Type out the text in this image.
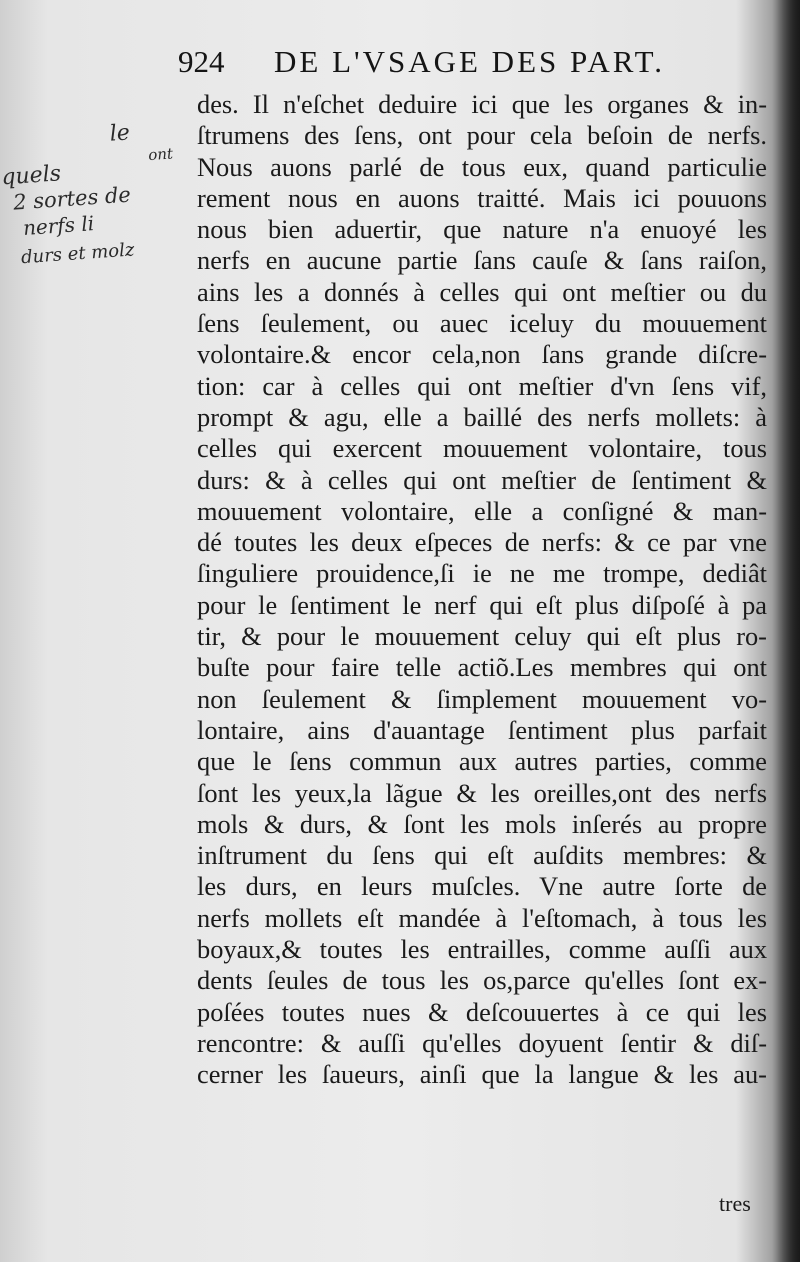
924 DE L'VSAGE DES PART.
le
quels
ont
2 sortes de
nerfs li
durs et molz
des. Il n'eſchet deduire ici que les organes & in-
ſtrumens des ſens, ont pour cela beſoin de nerfs.
Nous auons parlé de tous eux, quand particulie
rement nous en auons traitté. Mais ici pouuons
nous bien aduertir, que nature n'a enuoyé les
nerfs en aucune partie ſans cauſe & ſans raiſon,
ains les a donnés à celles qui ont meſtier ou du
ſens ſeulement, ou auec iceluy du mouuement
volontaire.& encor cela,non ſans grande diſcre-
tion: car à celles qui ont meſtier d'vn ſens vif,
prompt & agu, elle a baillé des nerfs mollets: à
celles qui exercent mouuement volontaire, tous
durs: & à celles qui ont meſtier de ſentiment &
mouuement volontaire, elle a conſigné & man-
dé toutes les deux eſpeces de nerfs: & ce par vne
ſinguliere prouidence,ſi ie ne me trompe, dediât
pour le ſentiment le nerf qui eſt plus diſpoſé à pa
tir, & pour le mouuement celuy qui eſt plus ro-
buſte pour faire telle actiõ.Les membres qui ont
non ſeulement & ſimplement mouuement vo-
lontaire, ains d'auantage ſentiment plus parfait
que le ſens commun aux autres parties, comme
ſont les yeux,la lãgue & les oreilles,ont des nerfs
mols & durs, & ſont les mols inſerés au propre
inſtrument du ſens qui eſt auſdits membres: &
les durs, en leurs muſcles. Vne autre ſorte de
nerfs mollets eſt mandée à l'eſtomach, à tous les
boyaux,& toutes les entrailles, comme auſſi aux
dents ſeules de tous les os,parce qu'elles ſont ex-
poſées toutes nues & deſcouuertes à ce qui les
rencontre: & auſſi qu'elles doyuent ſentir & diſ-
cerner les ſaueurs, ainſi que la langue & les au-
tres
